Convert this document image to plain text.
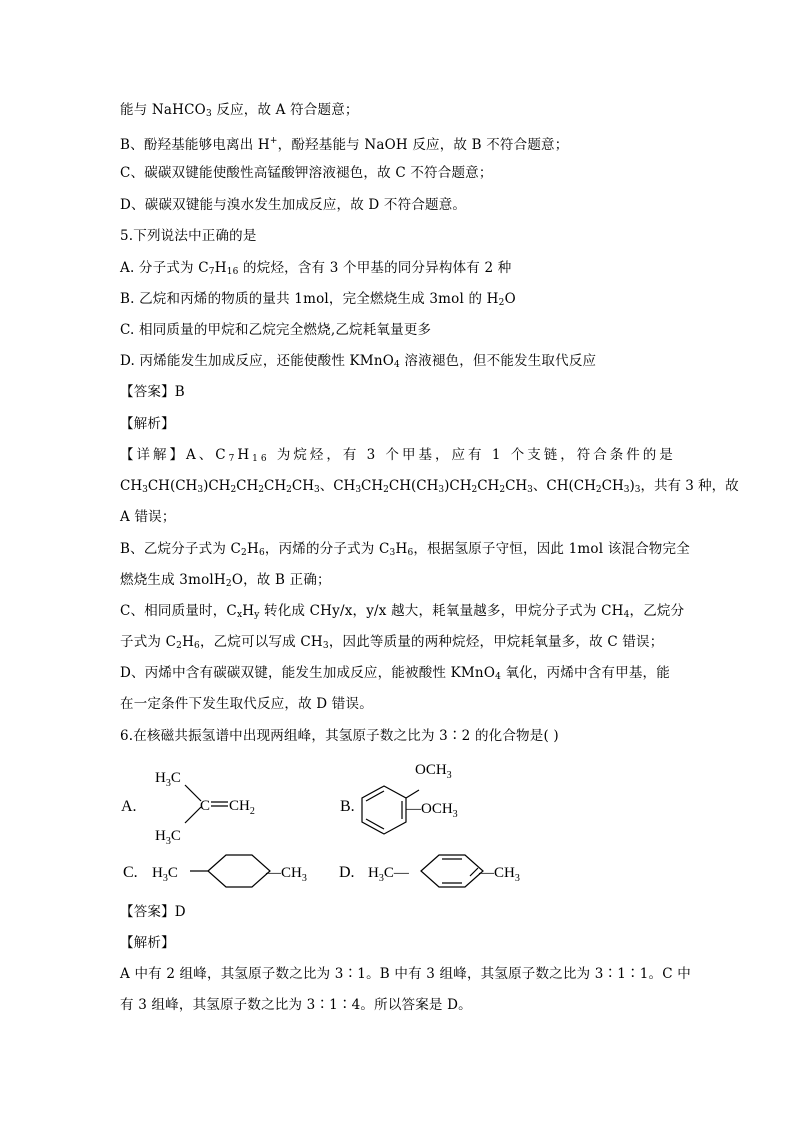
能与 NaHCO$_3$ 反应，故 A 符合题意；
B、酚羟基能够电离出 H+，酚羟基能与 NaOH 反应，故 B 不符合题意；
C、碳碳双键能使酸性高锰酸钾溶液褪色，故 C 不符合题意；
D、碳碳双键能与溴水发生加成反应，故 D 不符合题意。
5.下列说法中正确的是
A. 分子式为 $C_7H_{16}$ 的烷烃，含有 3 个甲基的同分异构体有 2 种
B. 乙烷和丙烯的物质的量共 1mol，完全燃烧生成 3mol 的 $H_2O$
C. 相同质量的甲烷和乙烷完全燃烧,乙烷耗氧量更多
D. 丙烯能发生加成反应，还能使酸性 KMnO$_4$ 溶液褪色，但不能发生取代反应
【答案】B
【解析】
【详解】A、$C_7H_{16}$ 为烷烃，有 3 个甲基，应有 1 个支链，符合条件的是
$CH_3CH(CH_3)CH_2CH_2CH_2CH_3$、$CH_3CH_2CH(CH_3)CH_2CH_2CH_3$、$CH(CH_2CH_3)_3$，共有 3 种，故
A 错误；
B、乙烷分子式为 $C_2H_6$，丙烯的分子式为 $C_3H_6$，根据氢原子守恒，因此 1mol 该混合物完全
燃烧生成 3molH$_2$O，故 B 正确；
C、相同质量时，$C_xH_y$ 转化成 CHy/x，y/x 越大，耗氧量越多，甲烷分子式为 $CH_4$，乙烷分
子式为 $C_2H_6$，乙烷可以写成 $CH_3$，因此等质量的两种烷烃，甲烷耗氧量多，故 C 错误；
D、丙烯中含有碳碳双键，能发生加成反应，能被酸性 KMnO$_4$ 氧化，丙烯中含有甲基，能
在一定条件下发生取代反应，故 D 错误。
6.在核磁共振氢谱中出现两组峰，其氢原子数之比为 3∶2 的化合物是( )
A.
$H_3C$
C $CH_2$
$H_3C$
B.
$OCH_3$
$—OCH_3$
C. $H_3C$	$—CH_3$ D. $H_3C—$	$—CH_3$
【答案】D
【解析】
A 中有 2 组峰，其氢原子数之比为 3∶1。B 中有 3 组峰，其氢原子数之比为 3∶1∶1。C 中
有 3 组峰，其氢原子数之比为 3∶1∶4。所以答案是 D。
